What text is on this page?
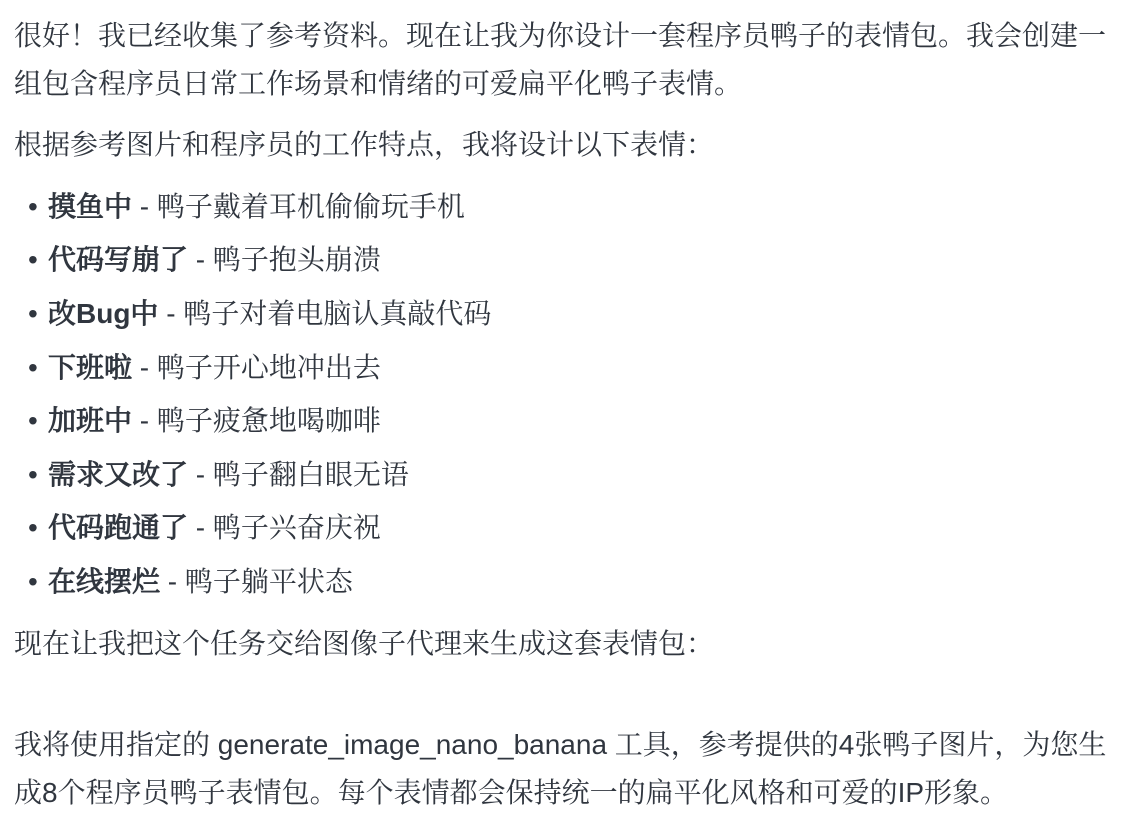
很好！我已经收集了参考资料。现在让我为你设计一套程序员鸭子的表情包。我会创建一组包含程序员日常工作场景和情绪的可爱扁平化鸭子表情。

根据参考图片和程序员的工作特点，我将设计以下表情：

• 摸鱼中 - 鸭子戴着耳机偷偷玩手机
• 代码写崩了 - 鸭子抱头崩溃
• 改Bug中 - 鸭子对着电脑认真敲代码
• 下班啦 - 鸭子开心地冲出去
• 加班中 - 鸭子疲惫地喝咖啡
• 需求又改了 - 鸭子翻白眼无语
• 代码跑通了 - 鸭子兴奋庆祝
• 在线摆烂 - 鸭子躺平状态

现在让我把这个任务交给图像子代理来生成这套表情包：

我将使用指定的 generate_image_nano_banana 工具，参考提供的4张鸭子图片，为您生成8个程序员鸭子表情包。每个表情都会保持统一的扁平化风格和可爱的IP形象。
